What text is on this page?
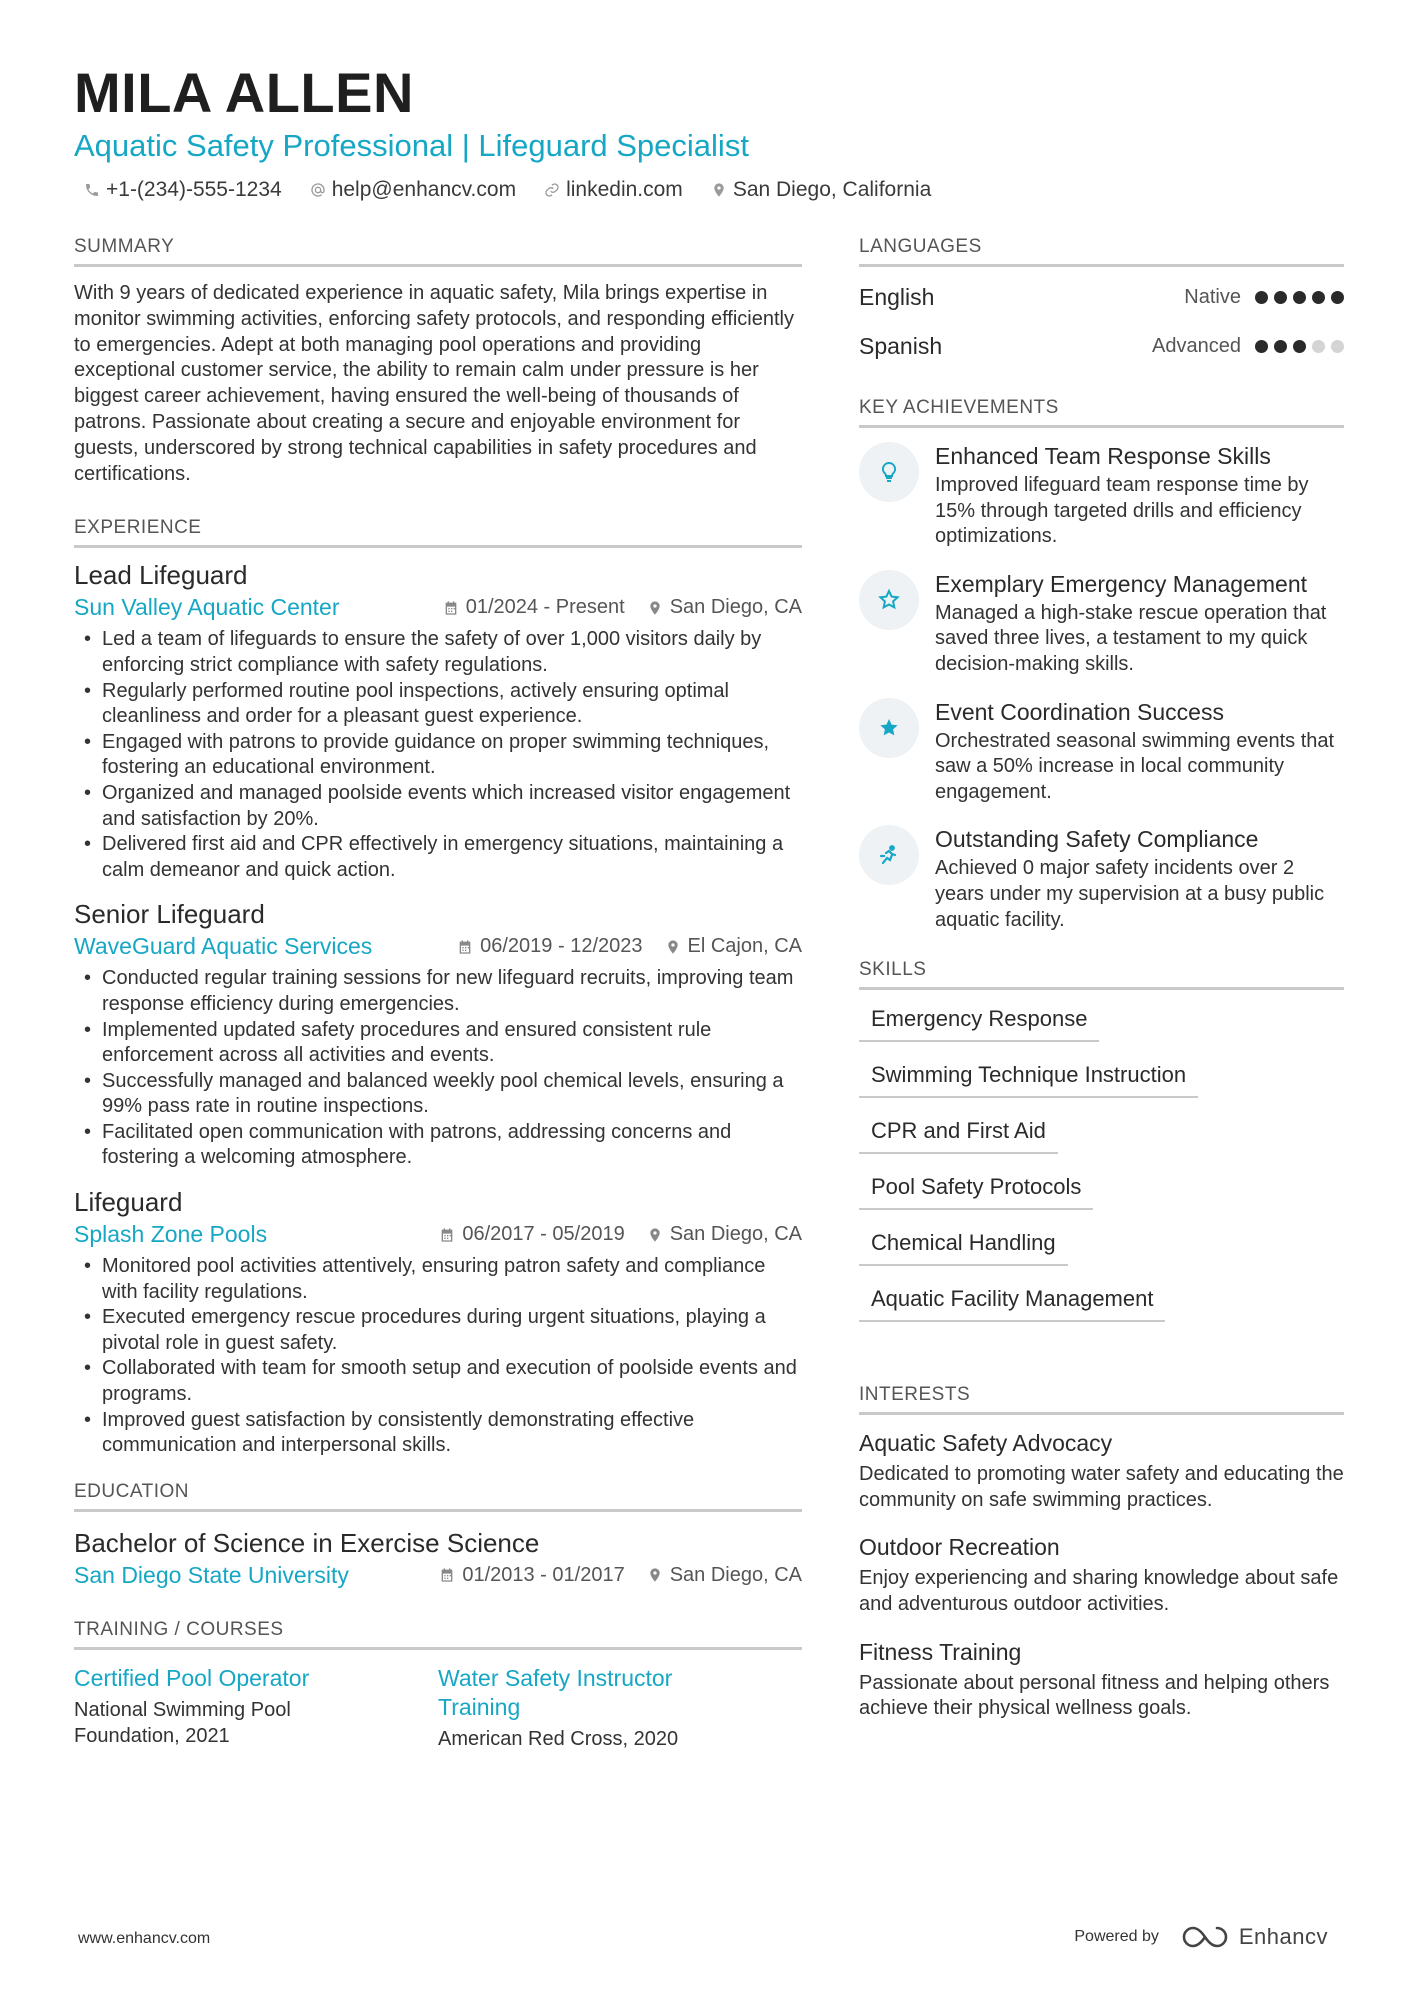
MILA ALLEN
Aquatic Safety Professional | Lifeguard Specialist
+1-(234)-555-1234 help@enhancv.com linkedin.com San Diego, California
SUMMARY
With 9 years of dedicated experience in aquatic safety, Mila brings expertise in monitor swimming activities, enforcing safety protocols, and responding efficiently to emergencies. Adept at both managing pool operations and providing exceptional customer service, the ability to remain calm under pressure is her biggest career achievement, having ensured the well-being of thousands of patrons. Passionate about creating a secure and enjoyable environment for guests, underscored by strong technical capabilities in safety procedures and certifications.
EXPERIENCE
Lead Lifeguard
Sun Valley Aquatic Center	01/2024 - Present San Diego, CA
• Led a team of lifeguards to ensure the safety of over 1,000 visitors daily by enforcing strict compliance with safety regulations.
• Regularly performed routine pool inspections, actively ensuring optimal cleanliness and order for a pleasant guest experience.
• Engaged with patrons to provide guidance on proper swimming techniques, fostering an educational environment.
• Organized and managed poolside events which increased visitor engagement and satisfaction by 20%.
• Delivered first aid and CPR effectively in emergency situations, maintaining a calm demeanor and quick action.
Senior Lifeguard
WaveGuard Aquatic Services	06/2019 - 12/2023 El Cajon, CA
• Conducted regular training sessions for new lifeguard recruits, improving team response efficiency during emergencies.
• Implemented updated safety procedures and ensured consistent rule enforcement across all activities and events.
• Successfully managed and balanced weekly pool chemical levels, ensuring a 99% pass rate in routine inspections.
• Facilitated open communication with patrons, addressing concerns and fostering a welcoming atmosphere.
Lifeguard
Splash Zone Pools	06/2017 - 05/2019 San Diego, CA
• Monitored pool activities attentively, ensuring patron safety and compliance with facility regulations.
• Executed emergency rescue procedures during urgent situations, playing a pivotal role in guest safety.
• Collaborated with team for smooth setup and execution of poolside events and programs.
• Improved guest satisfaction by consistently demonstrating effective communication and interpersonal skills.
EDUCATION
Bachelor of Science in Exercise Science
San Diego State University	01/2013 - 01/2017 San Diego, CA
TRAINING / COURSES
Certified Pool Operator
National Swimming Pool Foundation, 2021
Water Safety Instructor Training
American Red Cross, 2020
LANGUAGES
English	Native
Spanish	Advanced
KEY ACHIEVEMENTS
Enhanced Team Response Skills
Improved lifeguard team response time by 15% through targeted drills and efficiency optimizations.
Exemplary Emergency Management
Managed a high-stake rescue operation that saved three lives, a testament to my quick decision-making skills.
Event Coordination Success
Orchestrated seasonal swimming events that saw a 50% increase in local community engagement.
Outstanding Safety Compliance
Achieved 0 major safety incidents over 2 years under my supervision at a busy public aquatic facility.
SKILLS
Emergency Response
Swimming Technique Instruction
CPR and First Aid
Pool Safety Protocols
Chemical Handling
Aquatic Facility Management
INTERESTS
Aquatic Safety Advocacy
Dedicated to promoting water safety and educating the community on safe swimming practices.
Outdoor Recreation
Enjoy experiencing and sharing knowledge about safe and adventurous outdoor activities.
Fitness Training
Passionate about personal fitness and helping others achieve their physical wellness goals.
www.enhancv.com	Powered by	Enhancv
